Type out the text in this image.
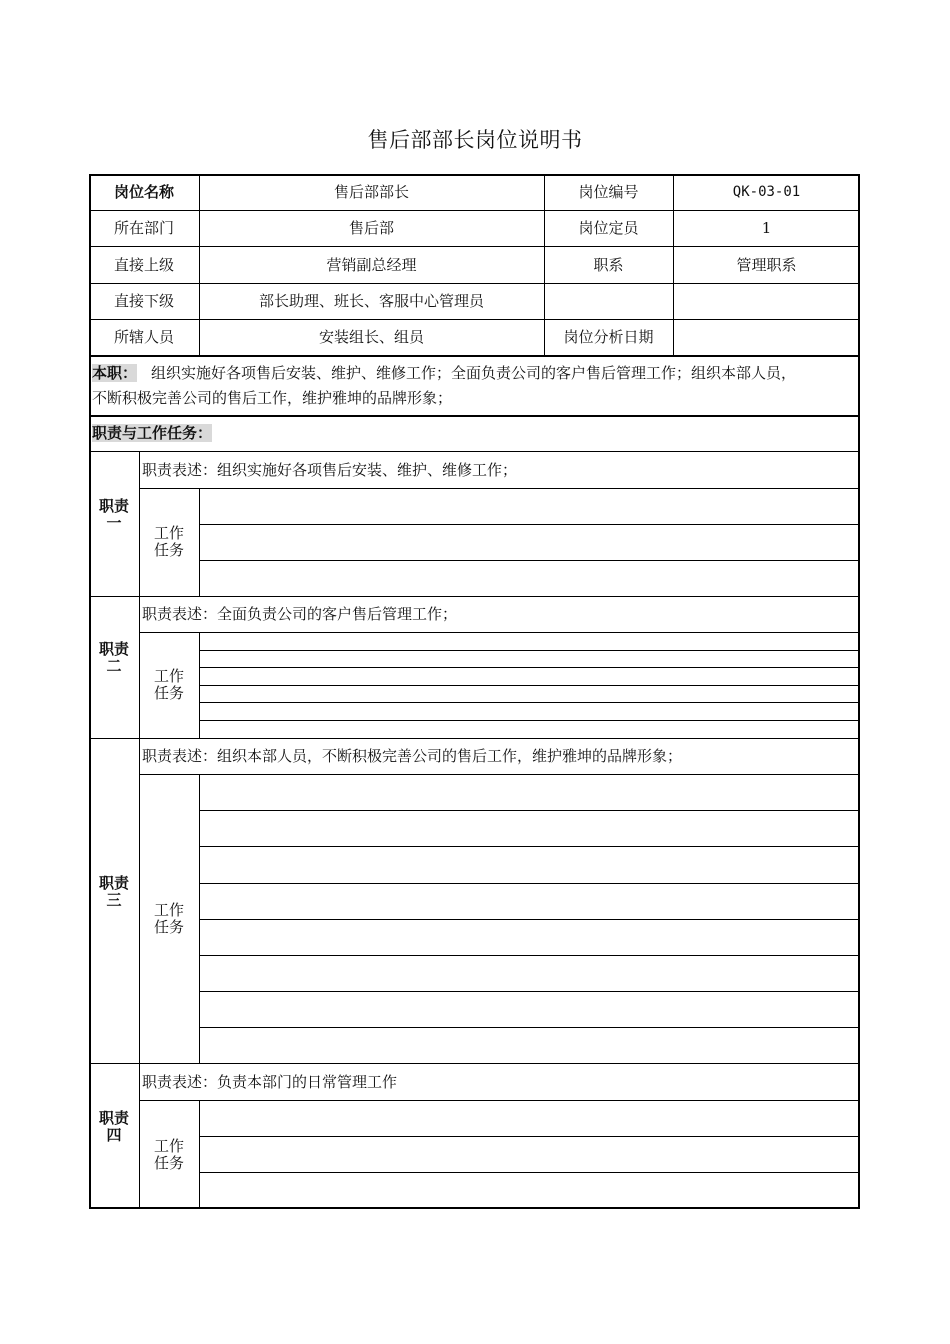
售后部部长岗位说明书
岗位名称	售后部部长	岗位编号	QK-03-01
所在部门	售后部	岗位定员	1
直接上级	营销副总经理	职系	管理职系
直接下级	部长助理、班长、客服中心管理员
所辖人员	安装组长、组员	岗位分析日期
本职： 组织实施好各项售后安装、维护、维修工作；全面负责公司的客户售后管理工作；组织本部人员，
不断积极完善公司的售后工作，维护雅坤的品牌形象；
职责与工作任务：
职责一
职责表述：组织实施好各项售后安装、维护、维修工作；
工作
任务
职责二
职责表述：全面负责公司的客户售后管理工作；
工作
任务
职责三
职责表述：组织本部人员，不断积极完善公司的售后工作，维护雅坤的品牌形象；
工作
任务
职责四
职责表述：负责本部门的日常管理工作
工作
任务
